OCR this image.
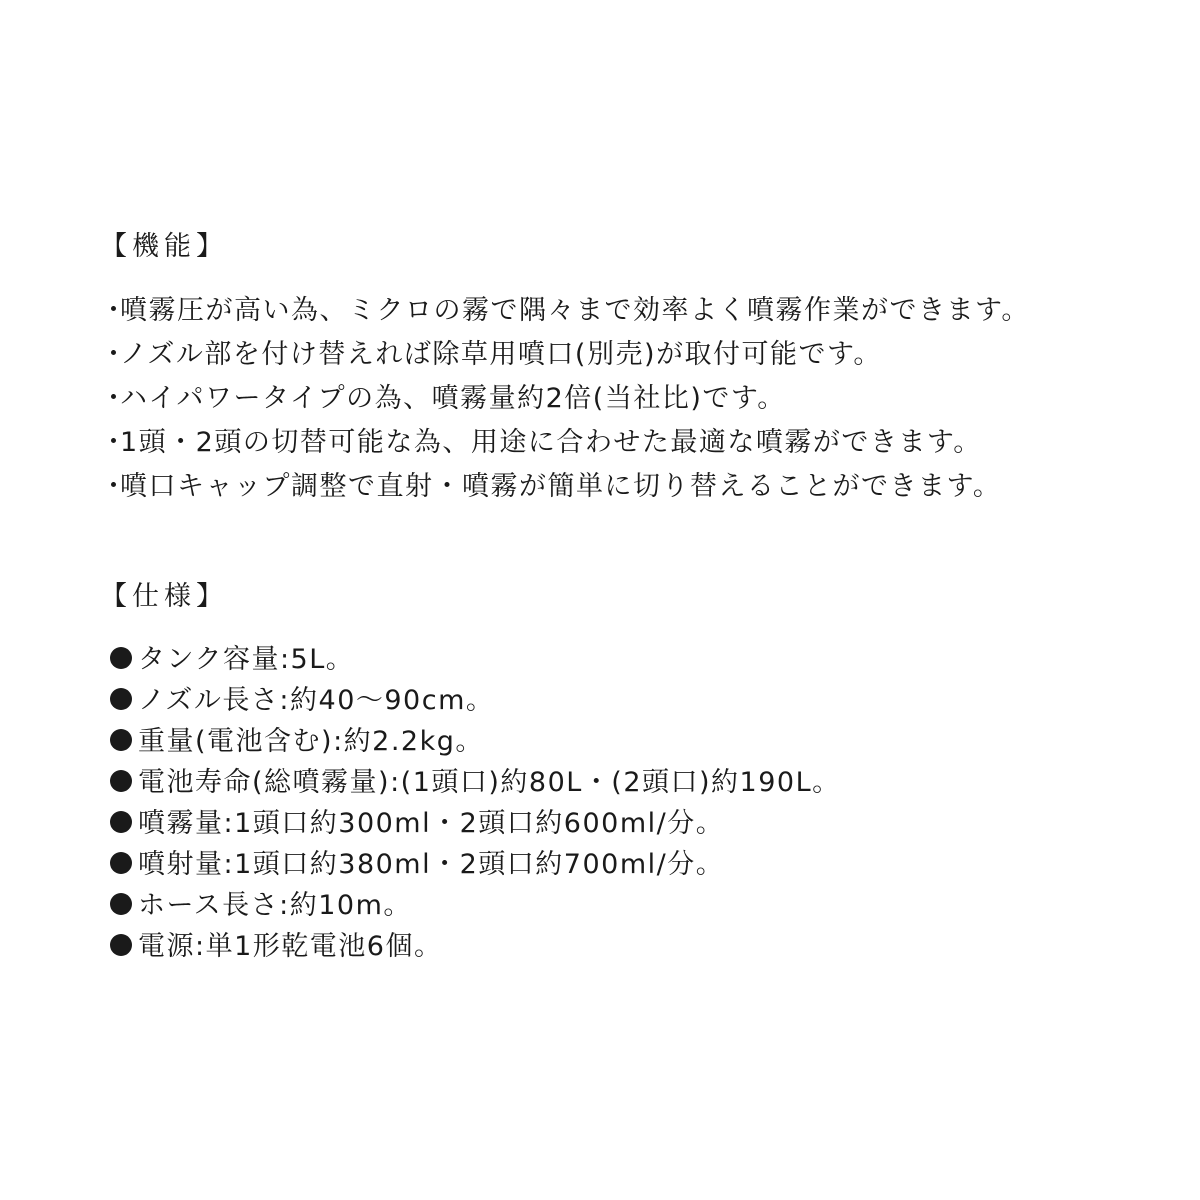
【機能】
・噴霧圧が高い為、ミクロの霧で隅々まで効率よく噴霧作業ができます。
・ノズル部を付け替えれば除草用噴口(別売)が取付可能です。
・ハイパワータイプの為、噴霧量約2倍(当社比)です。
・1頭・2頭の切替可能な為、用途に合わせた最適な噴霧ができます。
・噴口キャップ調整で直射・噴霧が簡単に切り替えることができます。
【仕様】
タンク容量:5L。
ノズル長さ:約40〜90cm。
重量(電池含む):約2.2kg。
電池寿命(総噴霧量):(1頭口)約80L・(2頭口)約190L。
噴霧量:1頭口約300ml・2頭口約600ml/分。
噴射量:1頭口約380ml・2頭口約700ml/分。
ホース長さ:約10m。
電源:単1形乾電池6個。
